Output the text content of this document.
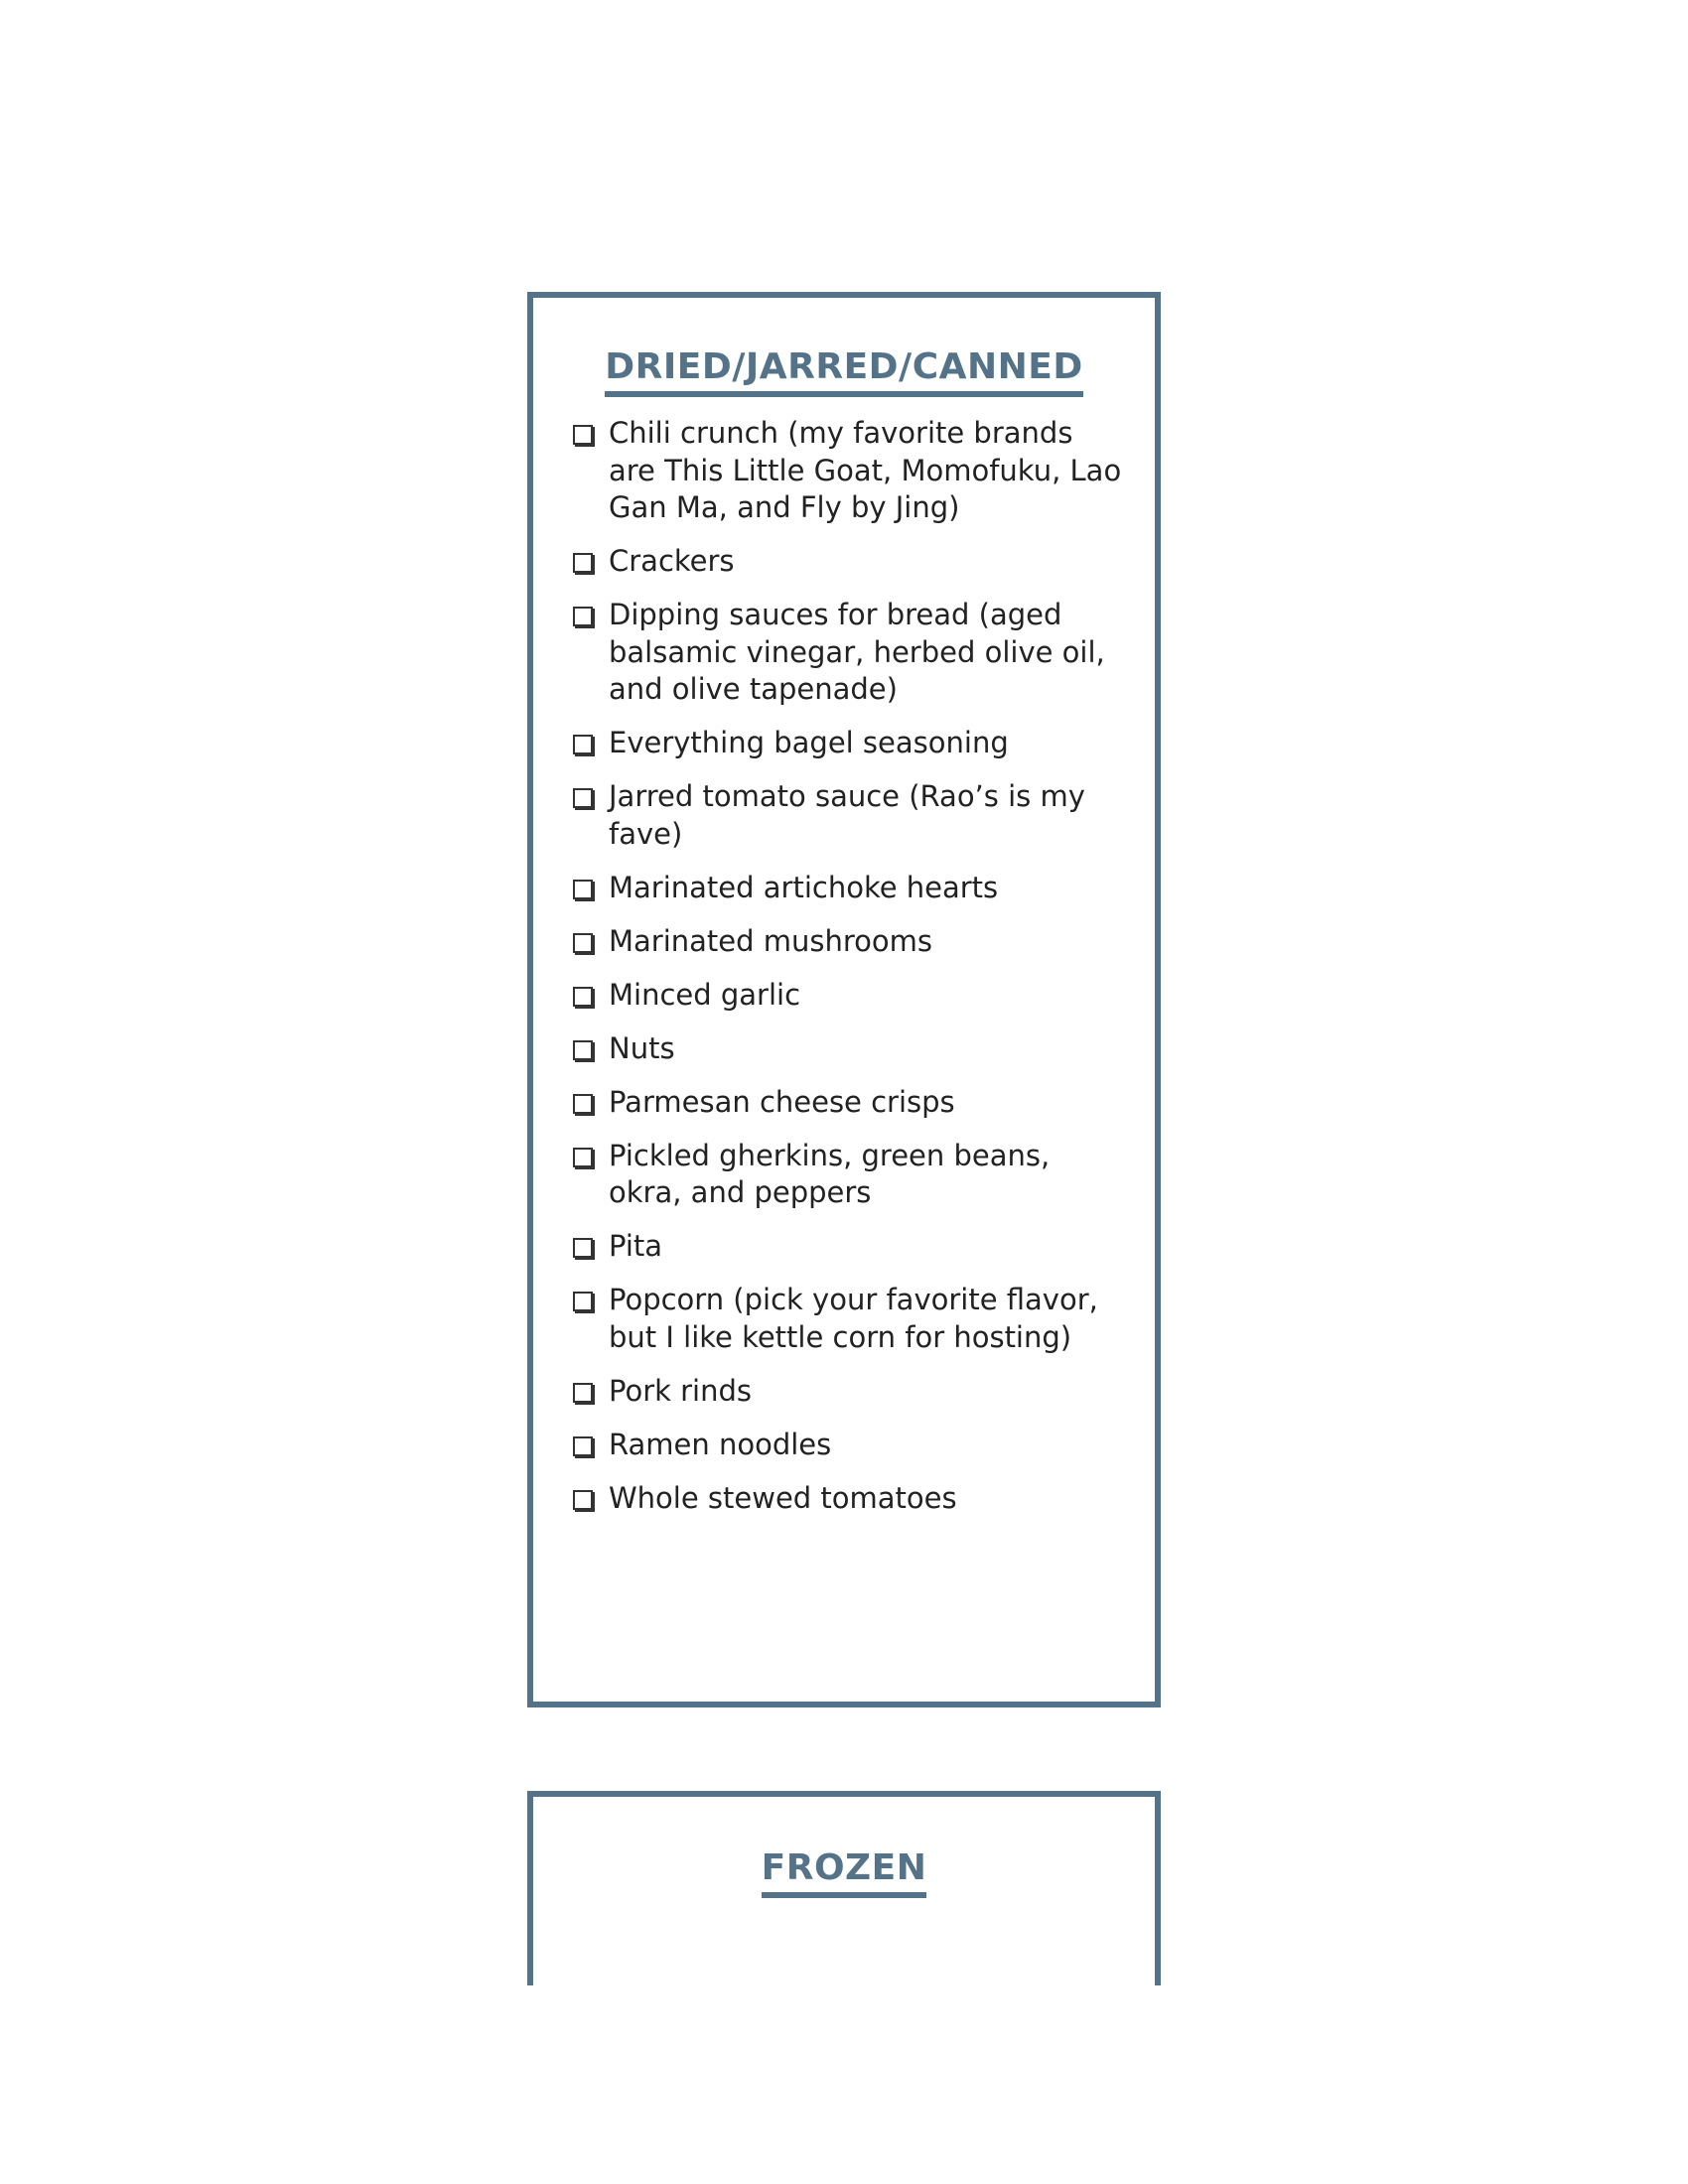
DRIED/JARRED/CANNED
Chili crunch (my favorite brands are This Little Goat, Momofuku, Lao Gan Ma, and Fly by Jing)
Crackers
Dipping sauces for bread (aged balsamic vinegar, herbed olive oil, and olive tapenade)
Everything bagel seasoning
Jarred tomato sauce (Rao’s is my fave)
Marinated artichoke hearts
Marinated mushrooms
Minced garlic
Nuts
Parmesan cheese crisps
Pickled gherkins, green beans, okra, and peppers
Pita
Popcorn (pick your favorite flavor, but I like kettle corn for hosting)
Pork rinds
Ramen noodles
Whole stewed tomatoes
FROZEN
